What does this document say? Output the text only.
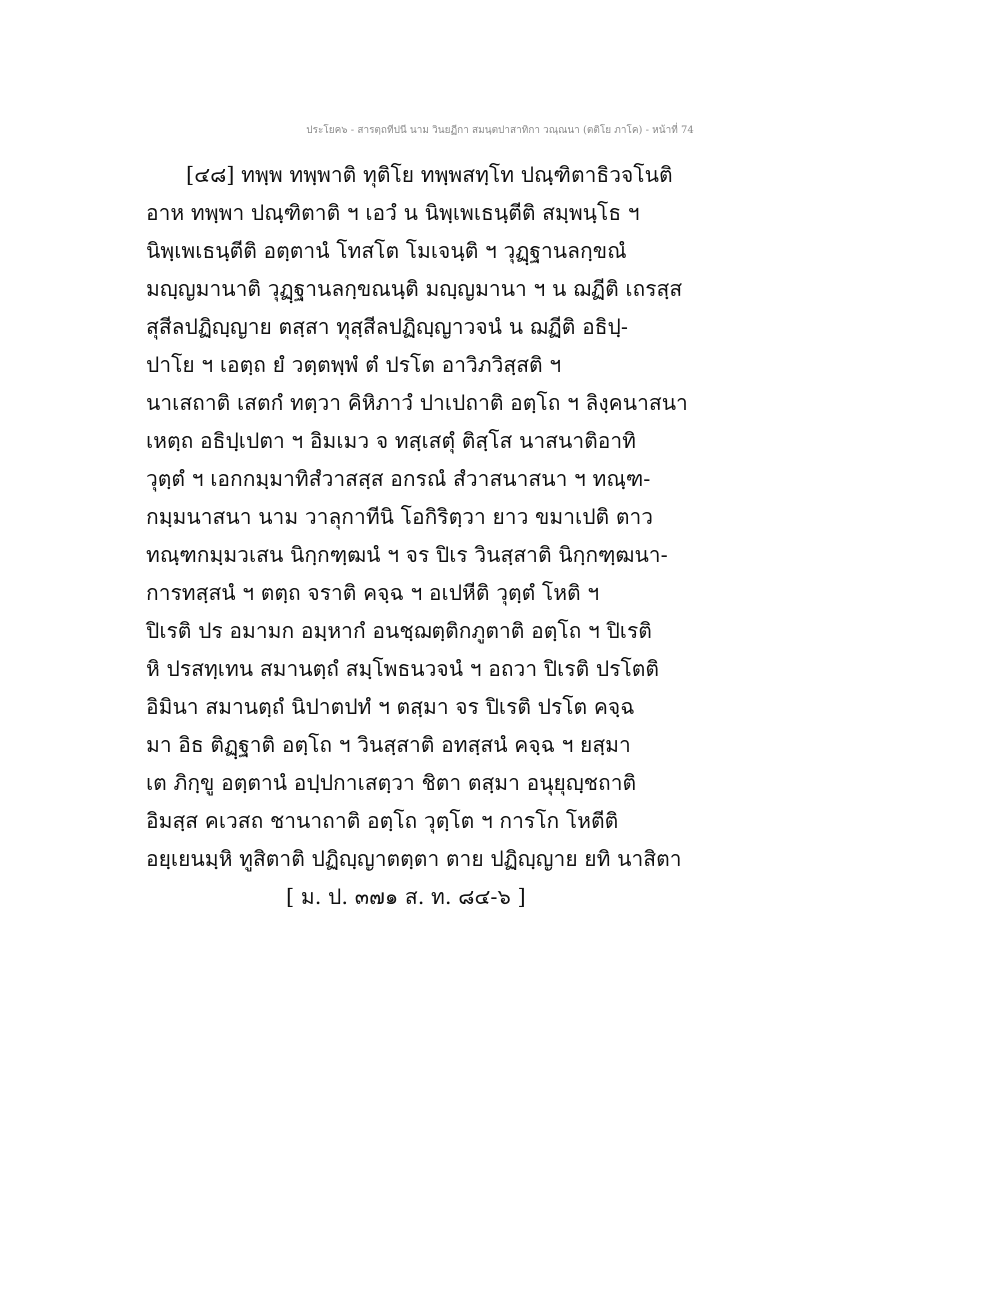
ประโยค๖ - สารตฺถทีปนี นาม วินยฏีกา สมนฺตปาสาทิกา วณฺณนา (ตติโย ภาโค) - หน้าที่ 74
[๔๘] ทพฺพ ทพฺพาติ ทุติโย ทพฺพสทฺโท ปณฺฑิตาธิวจโนติ
อาห ทพฺพา ปณฺฑิตาติ ฯ เอวํ น นิพฺเพเธนฺตีติ สมฺพนฺโธ ฯ
นิพฺเพเธนฺตีติ อตฺตานํ โทสโต โมเจนฺติ ฯ วุฏฺฐานลกฺขณํ
มญฺญมานาติ วุฏฺฐานลกฺขณนฺติ มญฺญมานา ฯ น ฌฏีติ เถรสฺส
สุสีลปฏิญฺญาย ตสฺสา ทุสฺสีลปฏิญฺญาวจนํ น ฌฏีติ อธิปฺ-
ปาโย ฯ เอตฺถ ยํ วตฺตพฺพํ ตํ ปรโต อาวิภวิสฺสติ ฯ
นาเสถาติ เสตกํ ทตฺวา คิหิภาวํ ปาเปถาติ อตฺโถ ฯ ลิงฺคนาสนา
เหตฺถ อธิปฺเปตา ฯ อิมเมว จ ทสฺเสตุํ ติสฺโส นาสนาติอาทิ
วุตฺตํ ฯ เอกกมฺมาทิสํวาสสฺส อกรณํ สํวาสนาสนา ฯ ทณฺฑ-
กมฺมนาสนา นาม วาลุกาทีนิ โอกิริตฺวา ยาว ขมาเปติ ตาว
ทณฺฑกมฺมวเสน นิกฺกฑฺฒนํ ฯ จร ปิเร วินสฺสาติ นิกฺกฑฺฒนา-
การทสฺสนํ ฯ ตตฺถ จราติ คจฺฉ ฯ อเปหีติ วุตฺตํ โหติ ฯ
ปิเรติ ปร อมามก อมฺหากํ อนชฺฌตฺติกภูตาติ อตฺโถ ฯ ปิเรติ
หิ ปรสทฺเทน สมานตฺถํ สมฺโพธนวจนํ ฯ อถวา ปิเรติ ปรโตติ
อิมินา สมานตฺถํ นิปาตปทํ ฯ ตสฺมา จร ปิเรติ ปรโต คจฺฉ
มา อิธ ติฏฺฐาติ อตฺโถ ฯ วินสฺสาติ อทสฺสนํ คจฺฉ ฯ ยสฺมา
เต ภิกฺขู อตฺตานํ อปฺปกาเสตฺวา ชิตา ตสฺมา อนุยุญฺชถาติ
อิมสฺส คเวสถ ชานาถาติ อตฺโถ วุตฺโต ฯ การโก โหตีติ
อยฺเยนมฺหิ ทูสิตาติ ปฏิญฺญาตตฺตา ตาย ปฏิญฺญาย ยทิ นาสิตา
[ ม. ป. ๓๗๑ ส. ท. ๘๔-๖ ]
